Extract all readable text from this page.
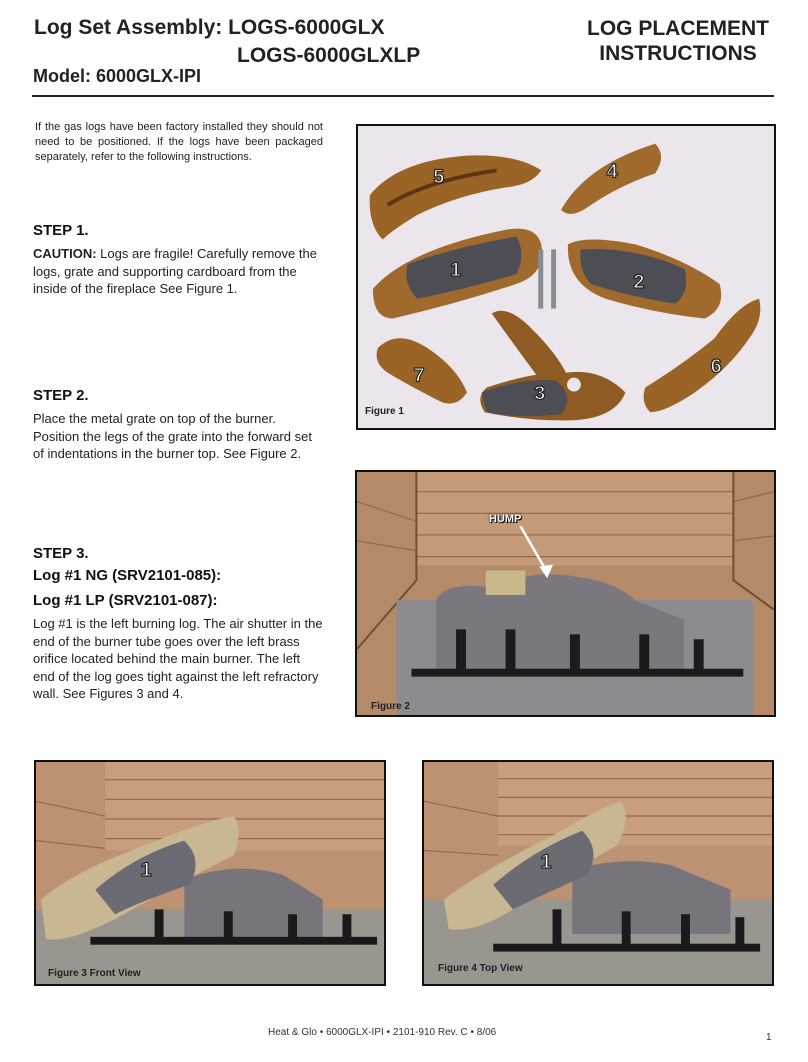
Log Set Assembly: LOGS-6000GLX
LOGS-6000GLXLP
Model: 6000GLX-IPI
LOG PLACEMENT
INSTRUCTIONS
If the gas logs have been factory installed they should not need to be positioned. If the logs have been packaged separately, refer to the following instructions.
STEP 1.
CAUTION: Logs are fragile! Carefully remove the logs, grate and supporting cardboard from the inside of the fireplace See Figure 1.
STEP 2.
Place the metal grate on top of the burner. Position the legs of the grate into the forward set of indentations in the burner top. See Figure 2.
STEP 3.
Log #1 NG (SRV2101-085):
Log #1 LP (SRV2101-087):
Log #1 is the left burning log. The air shutter in the end of the burner tube goes over the left brass orifice located behind the main burner. The left end of the log goes tight against the left refractory wall. See Figures 3 and 4.
5	4
1
2
7
3
6
Figure 1
HUMP
Figure 2
1
Figure 3 Front View
1
Figure 4 Top View
Heat & Glo • 6000GLX-IPI • 2101-910 Rev. C • 8/06	1
